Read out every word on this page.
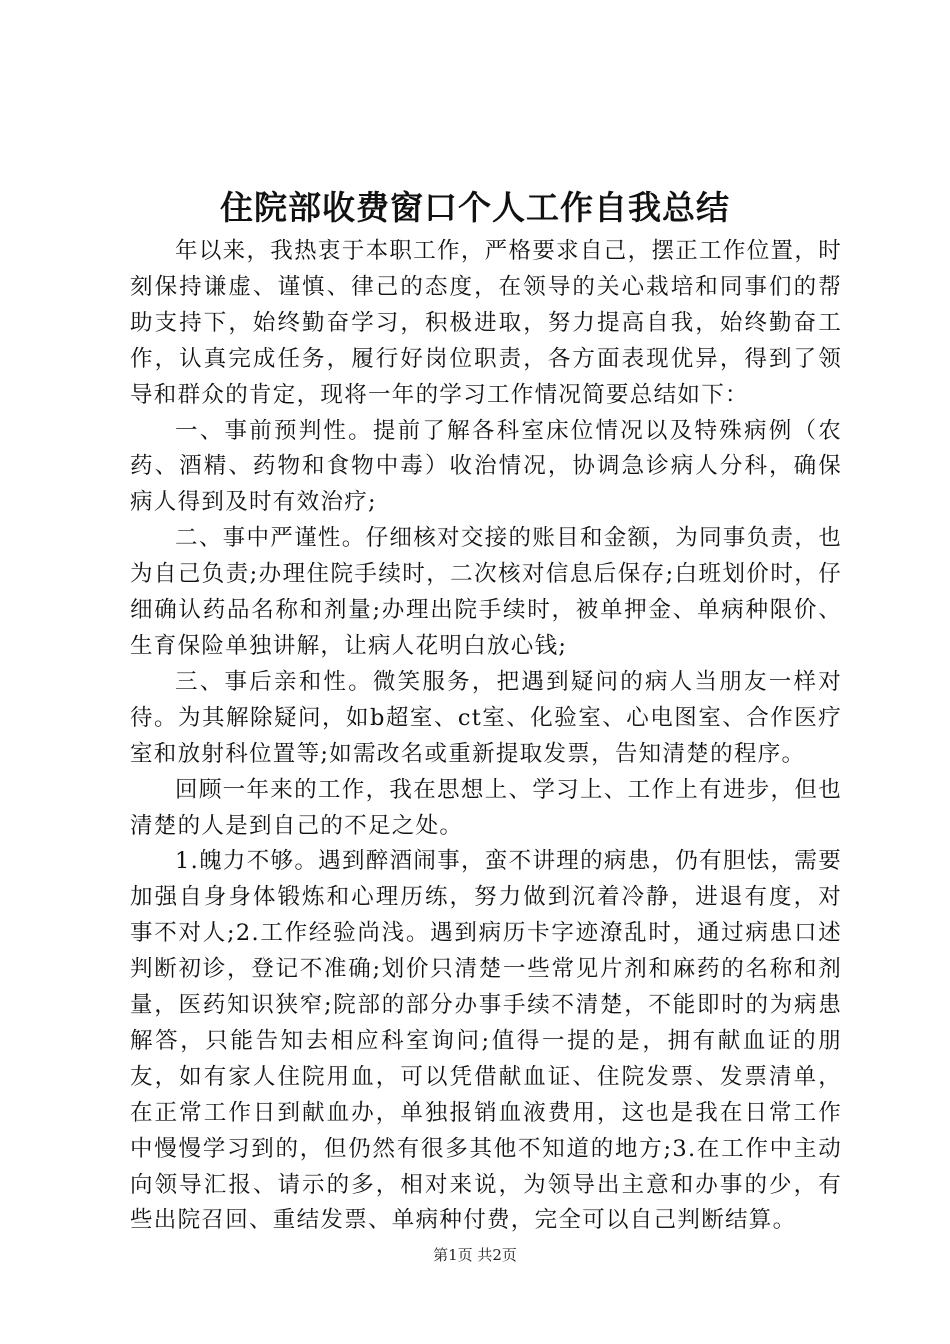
住院部收费窗口个人工作自我总结

年以来，我热衷于本职工作，严格要求自己，摆正工作位置，时刻保持谦虚、谨慎、律己的态度，在领导的关心栽培和同事们的帮助支持下，始终勤奋学习，积极进取，努力提高自我，始终勤奋工作，认真完成任务，履行好岗位职责，各方面表现优异，得到了领导和群众的肯定，现将一年的学习工作情况简要总结如下：

一、事前预判性。提前了解各科室床位情况以及特殊病例（农药、酒精、药物和食物中毒）收治情况，协调急诊病人分科，确保病人得到及时有效治疗;

二、事中严谨性。仔细核对交接的账目和金额，为同事负责，也为自己负责;办理住院手续时，二次核对信息后保存;白班划价时，仔细确认药品名称和剂量;办理出院手续时，被单押金、单病种限价、生育保险单独讲解，让病人花明白放心钱;

三、事后亲和性。微笑服务，把遇到疑问的病人当朋友一样对待。为其解除疑问，如b超室、ct室、化验室、心电图室、合作医疗室和放射科位置等;如需改名或重新提取发票，告知清楚的程序。

回顾一年来的工作，我在思想上、学习上、工作上有进步，但也清楚的人是到自己的不足之处。

1.魄力不够。遇到醉酒闹事，蛮不讲理的病患，仍有胆怯，需要加强自身身体锻炼和心理历练，努力做到沉着冷静，进退有度，对事不对人;2.工作经验尚浅。遇到病历卡字迹潦乱时，通过病患口述判断初诊，登记不准确;划价只清楚一些常见片剂和麻药的名称和剂量，医药知识狭窄;院部的部分办事手续不清楚，不能即时的为病患解答，只能告知去相应科室询问;值得一提的是，拥有献血证的朋友，如有家人住院用血，可以凭借献血证、住院发票、发票清单，在正常工作日到献血办，单独报销血液费用，这也是我在日常工作中慢慢学习到的，但仍然有很多其他不知道的地方;3.在工作中主动向领导汇报、请示的多，相对来说，为领导出主意和办事的少，有些出院召回、重结发票、单病种付费，完全可以自己判断结算。

第1页 共2页
